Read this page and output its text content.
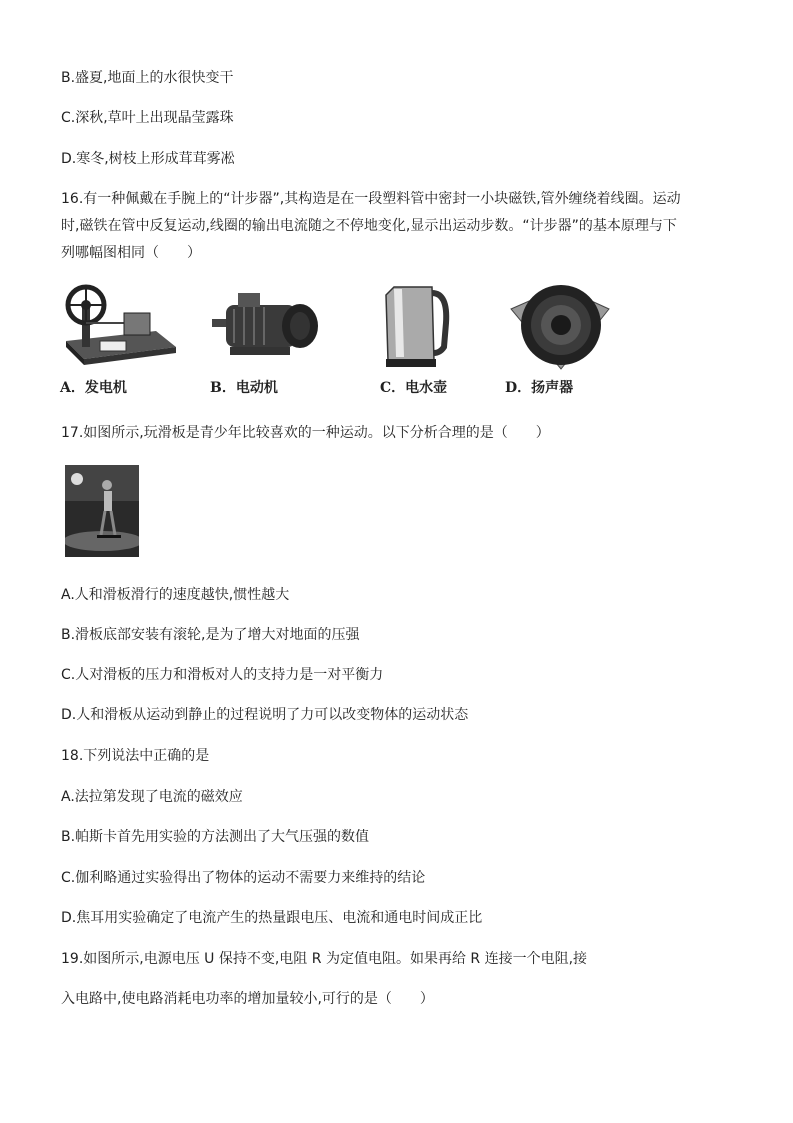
B.盛夏,地面上的水很快变干
C.深秋,草叶上出现晶莹露珠
D.寒冬,树枝上形成茸茸雾凇
16.有一种佩戴在手腕上的“计步器”,其构造是在一段塑料管中密封一小块磁铁,管外缠绕着线圈。运动
时,磁铁在管中反复运动,线圈的输出电流随之不停地变化,显示出运动步数。“计步器”的基本原理与下
列哪幅图相同（　　）
A．发电机	B．电动机	C．电水壶	D．扬声器
17.如图所示,玩滑板是青少年比较喜欢的一种运动。以下分析合理的是（　　）
A.人和滑板滑行的速度越快,惯性越大
B.滑板底部安装有滚轮,是为了增大对地面的压强
C.人对滑板的压力和滑板对人的支持力是一对平衡力
D.人和滑板从运动到静止的过程说明了力可以改变物体的运动状态
18.下列说法中正确的是
A.法拉第发现了电流的磁效应
B.帕斯卡首先用实验的方法测出了大气压强的数值
C.伽利略通过实验得出了物体的运动不需要力来维持的结论
D.焦耳用实验确定了电流产生的热量跟电压、电流和通电时间成正比
19.如图所示,电源电压 U 保持不变,电阻 R 为定值电阻。如果再给 R 连接一个电阻,接
入电路中,使电路消耗电功率的增加量较小,可行的是（　　）
